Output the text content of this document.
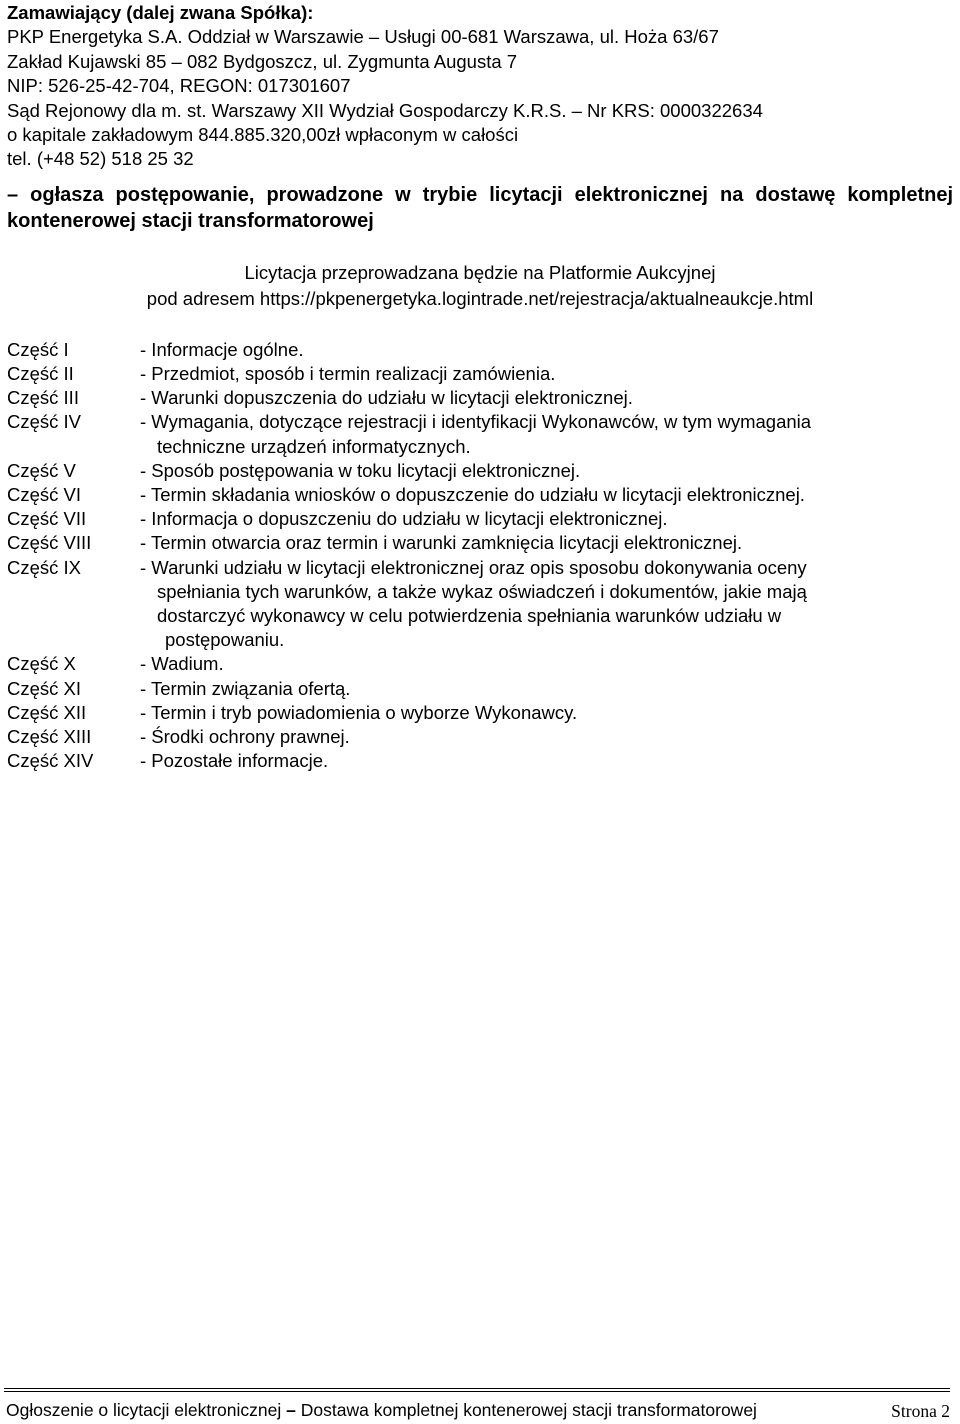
Zamawiający (dalej zwana Spółka):
PKP Energetyka S.A. Oddział w Warszawie – Usługi 00-681 Warszawa, ul. Hoża 63/67
Zakład Kujawski 85 – 082 Bydgoszcz, ul. Zygmunta Augusta 7
NIP: 526-25-42-704, REGON: 017301607
Sąd Rejonowy dla m. st. Warszawy XII Wydział Gospodarczy K.R.S. – Nr KRS: 0000322634
o kapitale zakładowym 844.885.320,00zł wpłaconym w całości
tel. (+48 52) 518 25 32
– ogłasza postępowanie, prowadzone w trybie licytacji elektronicznej na dostawę kompletnej kontenerowej stacji transformatorowej
Licytacja przeprowadzana będzie na Platformie Aukcyjnej
pod adresem https://pkpenergetyka.logintrade.net/rejestracja/aktualneaukcje.html
Część I	- Informacje ogólne.
Część II	- Przedmiot, sposób i termin realizacji zamówienia.
Część III	- Warunki dopuszczenia do udziału w licytacji elektronicznej.
Część IV	- Wymagania, dotyczące rejestracji i identyfikacji Wykonawców, w tym wymagania
techniczne urządzeń informatycznych.
Część V	- Sposób postępowania w toku licytacji elektronicznej.
Część VI	- Termin składania wniosków o dopuszczenie do udziału w licytacji elektronicznej.
Część VII	- Informacja o dopuszczeniu do udziału w licytacji elektronicznej.
Część VIII	- Termin otwarcia oraz termin i warunki zamknięcia licytacji elektronicznej.
Część IX	- Warunki udziału w licytacji elektronicznej oraz opis sposobu dokonywania oceny
spełniania tych warunków, a także wykaz oświadczeń i dokumentów, jakie mają
dostarczyć wykonawcy w celu potwierdzenia spełniania warunków udziału w
postępowaniu.
Część X	- Wadium.
Część XI	- Termin związania ofertą.
Część XII	- Termin i tryb powiadomienia o wyborze Wykonawcy.
Część XIII	- Środki ochrony prawnej.
Część XIV	- Pozostałe informacje.
Ogłoszenie o licytacji elektronicznej – Dostawa kompletnej kontenerowej stacji transformatorowej	Strona 2
